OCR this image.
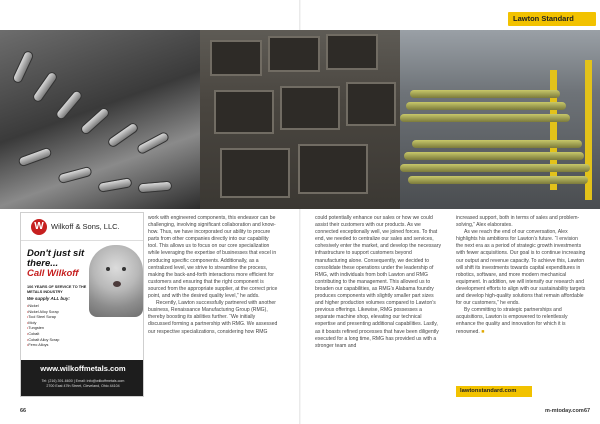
Lawton Standard
W Wilkoff & Sons, LLC.
Don't just sit there...
Call Wilkoff
106 YEARS OF SERVICE TO THE METALS INDUSTRY
We supply ALL buy:
• Nickel
• Nickel Alloy Scrap
• Tool Steel Scrap
• Moly
• Tungsten
• Cobalt
• Cobalt Alloy Scrap
• Ferro Alloys
www.wilkoffmetals.com
Tel: (216) 391-6600 | Email: info@wilkoffmetals.com
2700 East 47th Street, Cleveland, Ohio 44104

work with engineered components, this endeavor can be challenging, involving significant collaboration and know-how. Thus, we have incorporated our ability to procure parts from other companies directly into our capability tool. This allows us to focus on our core specialization while leveraging the expertise of businesses that excel in producing specific components. Additionally, as a centralized level, we strive to streamline the process, making the back-and-forth interactions more efficient for customers and ensuring that the right component is sourced from the appropriate supplier, at the correct price point, and with the desired quality level,” he adds.

Recently, Lawton successfully partnered with another business, Renaissance Manufacturing Group (RMG), thereby boosting its abilities further. “We initially discussed forming a partnership with RMG. We assessed our respective specializations, considering how RMG

could potentially enhance our sales or how we could assist their customers with our products. As we connected exceptionally well, we joined forces. To that end, we needed to centralize our sales and services, cohesively enter the market, and develop the necessary infrastructure to support customers beyond manufacturing alone. Consequently, we decided to consolidate these operations under the leadership of RMG, with individuals from both Lawton and RMG contributing to the management. This allowed us to broaden our capabilities, as RMG’s Alabama foundry produces components with slightly smaller part sizes and higher production volumes compared to Lawton’s previous offerings. Likewise, RMG possesses a separate machine shop, elevating our technical expertise and presenting additional capabilities. Lastly, as it boasts refined processes that have been diligently executed for a long time, RMG has provided us with a stronger team and

increased support, both in terms of sales and problem-solving,” Alex elaborates.

As we reach the end of our conversation, Alex highlights his ambitions for Lawton’s future. “I envision the next era as a period of strategic growth investments with fewer acquisitions. Our goal is to continue increasing our output and revenue capacity. To achieve this, Lawton will shift its investments towards capital expenditures in robotics, software, and more modern mechanical equipment. In addition, we will intensify our research and development efforts to align with our sustainability targets and develop high-quality solutions that remain affordable for our customers,” he ends.

By committing to strategic partnerships and acquisitions, Lawton is empowered to relentlessly enhance the quality and innovation for which it is renowned. ■

lawtonstandard.com
66	m-mtoday.com 67
